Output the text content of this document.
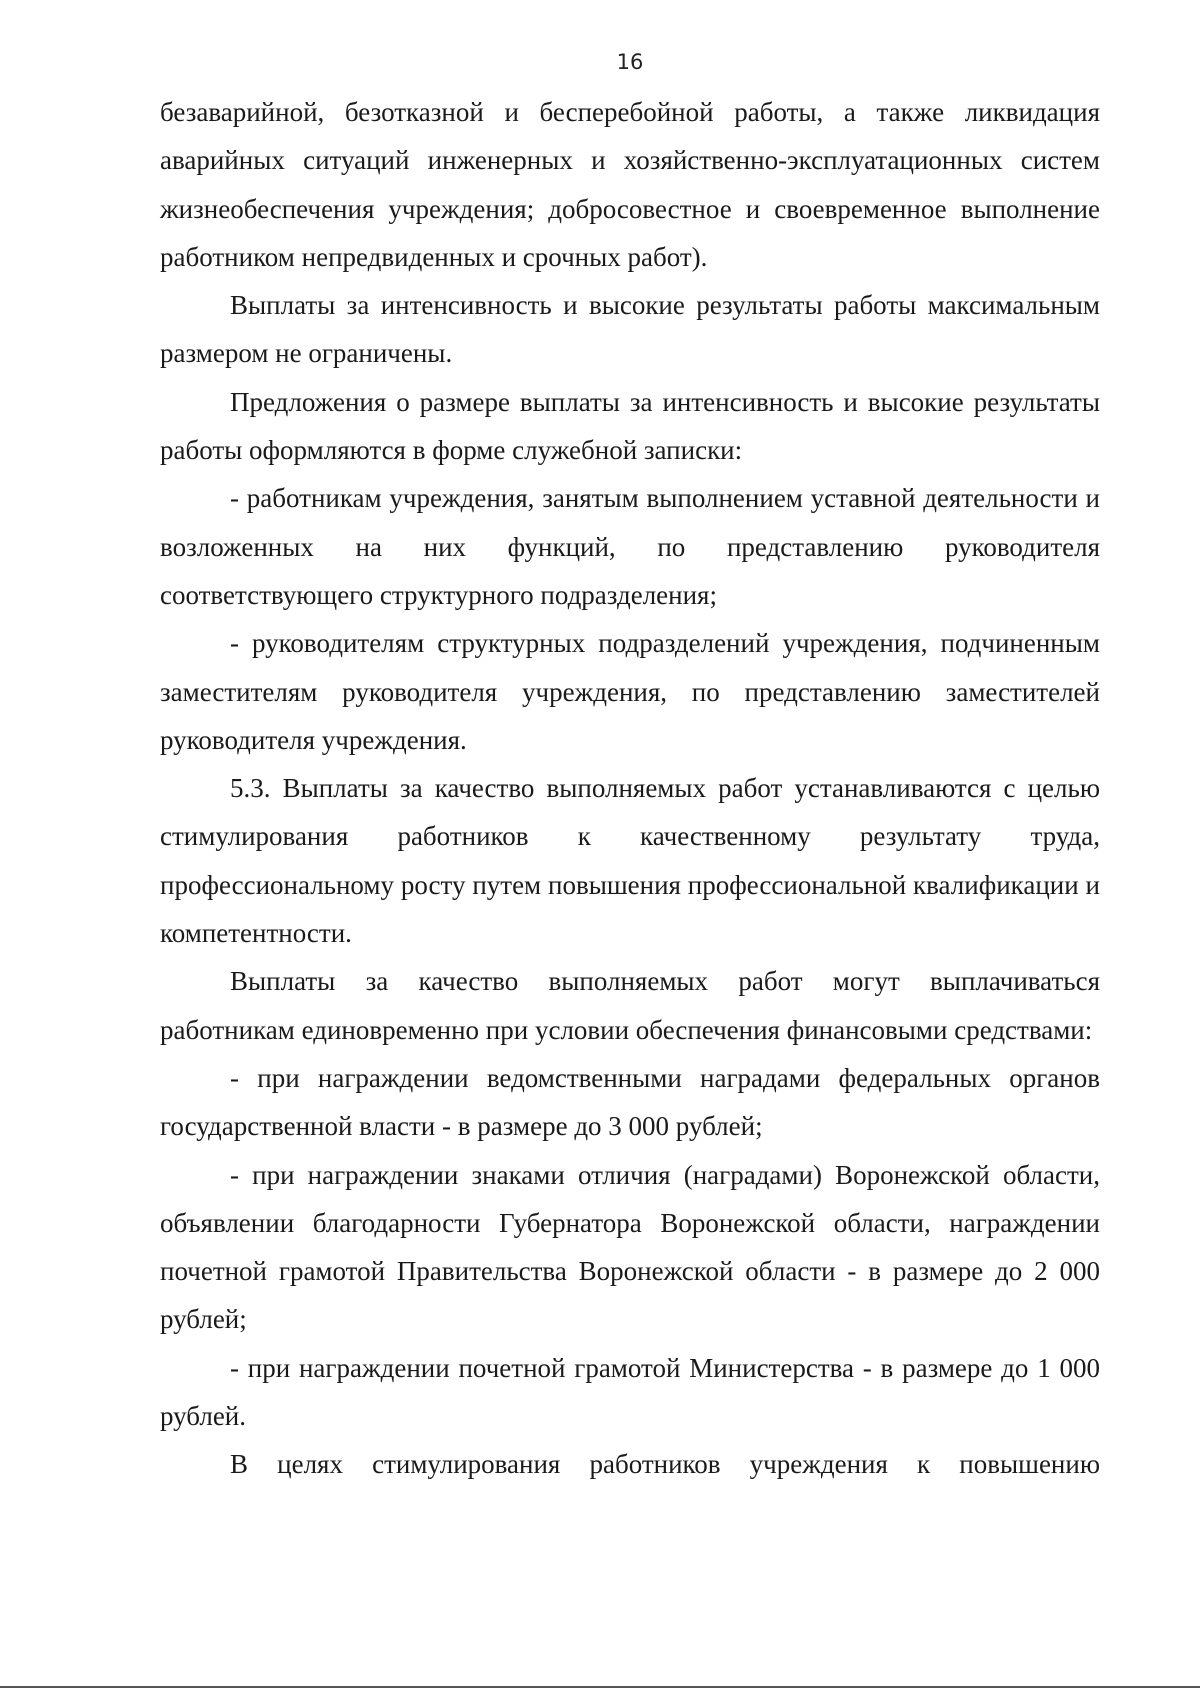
16

безаварийной, безотказной и бесперебойной работы, а также ликвидация аварийных ситуаций инженерных и хозяйственно-эксплуатационных систем жизнеобеспечения учреждения; добросовестное и своевременное выполнение работником непредвиденных и срочных работ).

Выплаты за интенсивность и высокие результаты работы максимальным размером не ограничены.

Предложения о размере выплаты за интенсивность и высокие результаты работы оформляются в форме служебной записки:

- работникам учреждения, занятым выполнением уставной деятельности и возложенных на них функций, по представлению руководителя соответствующего структурного подразделения;

- руководителям структурных подразделений учреждения, подчиненным заместителям руководителя учреждения, по представлению заместителей руководителя учреждения.

5.3. Выплаты за качество выполняемых работ устанавливаются с целью стимулирования работников к качественному результату труда, профессиональному росту путем повышения профессиональной квалификации и компетентности.

Выплаты за качество выполняемых работ могут выплачиваться работникам единовременно при условии обеспечения финансовыми средствами:

- при награждении ведомственными наградами федеральных органов государственной власти - в размере до 3 000 рублей;

- при награждении знаками отличия (наградами) Воронежской области, объявлении благодарности Губернатора Воронежской области, награждении почетной грамотой Правительства Воронежской области - в размере до 2 000 рублей;

- при награждении почетной грамотой Министерства - в размере до 1 000 рублей.

В целях стимулирования работников учреждения к повышению
